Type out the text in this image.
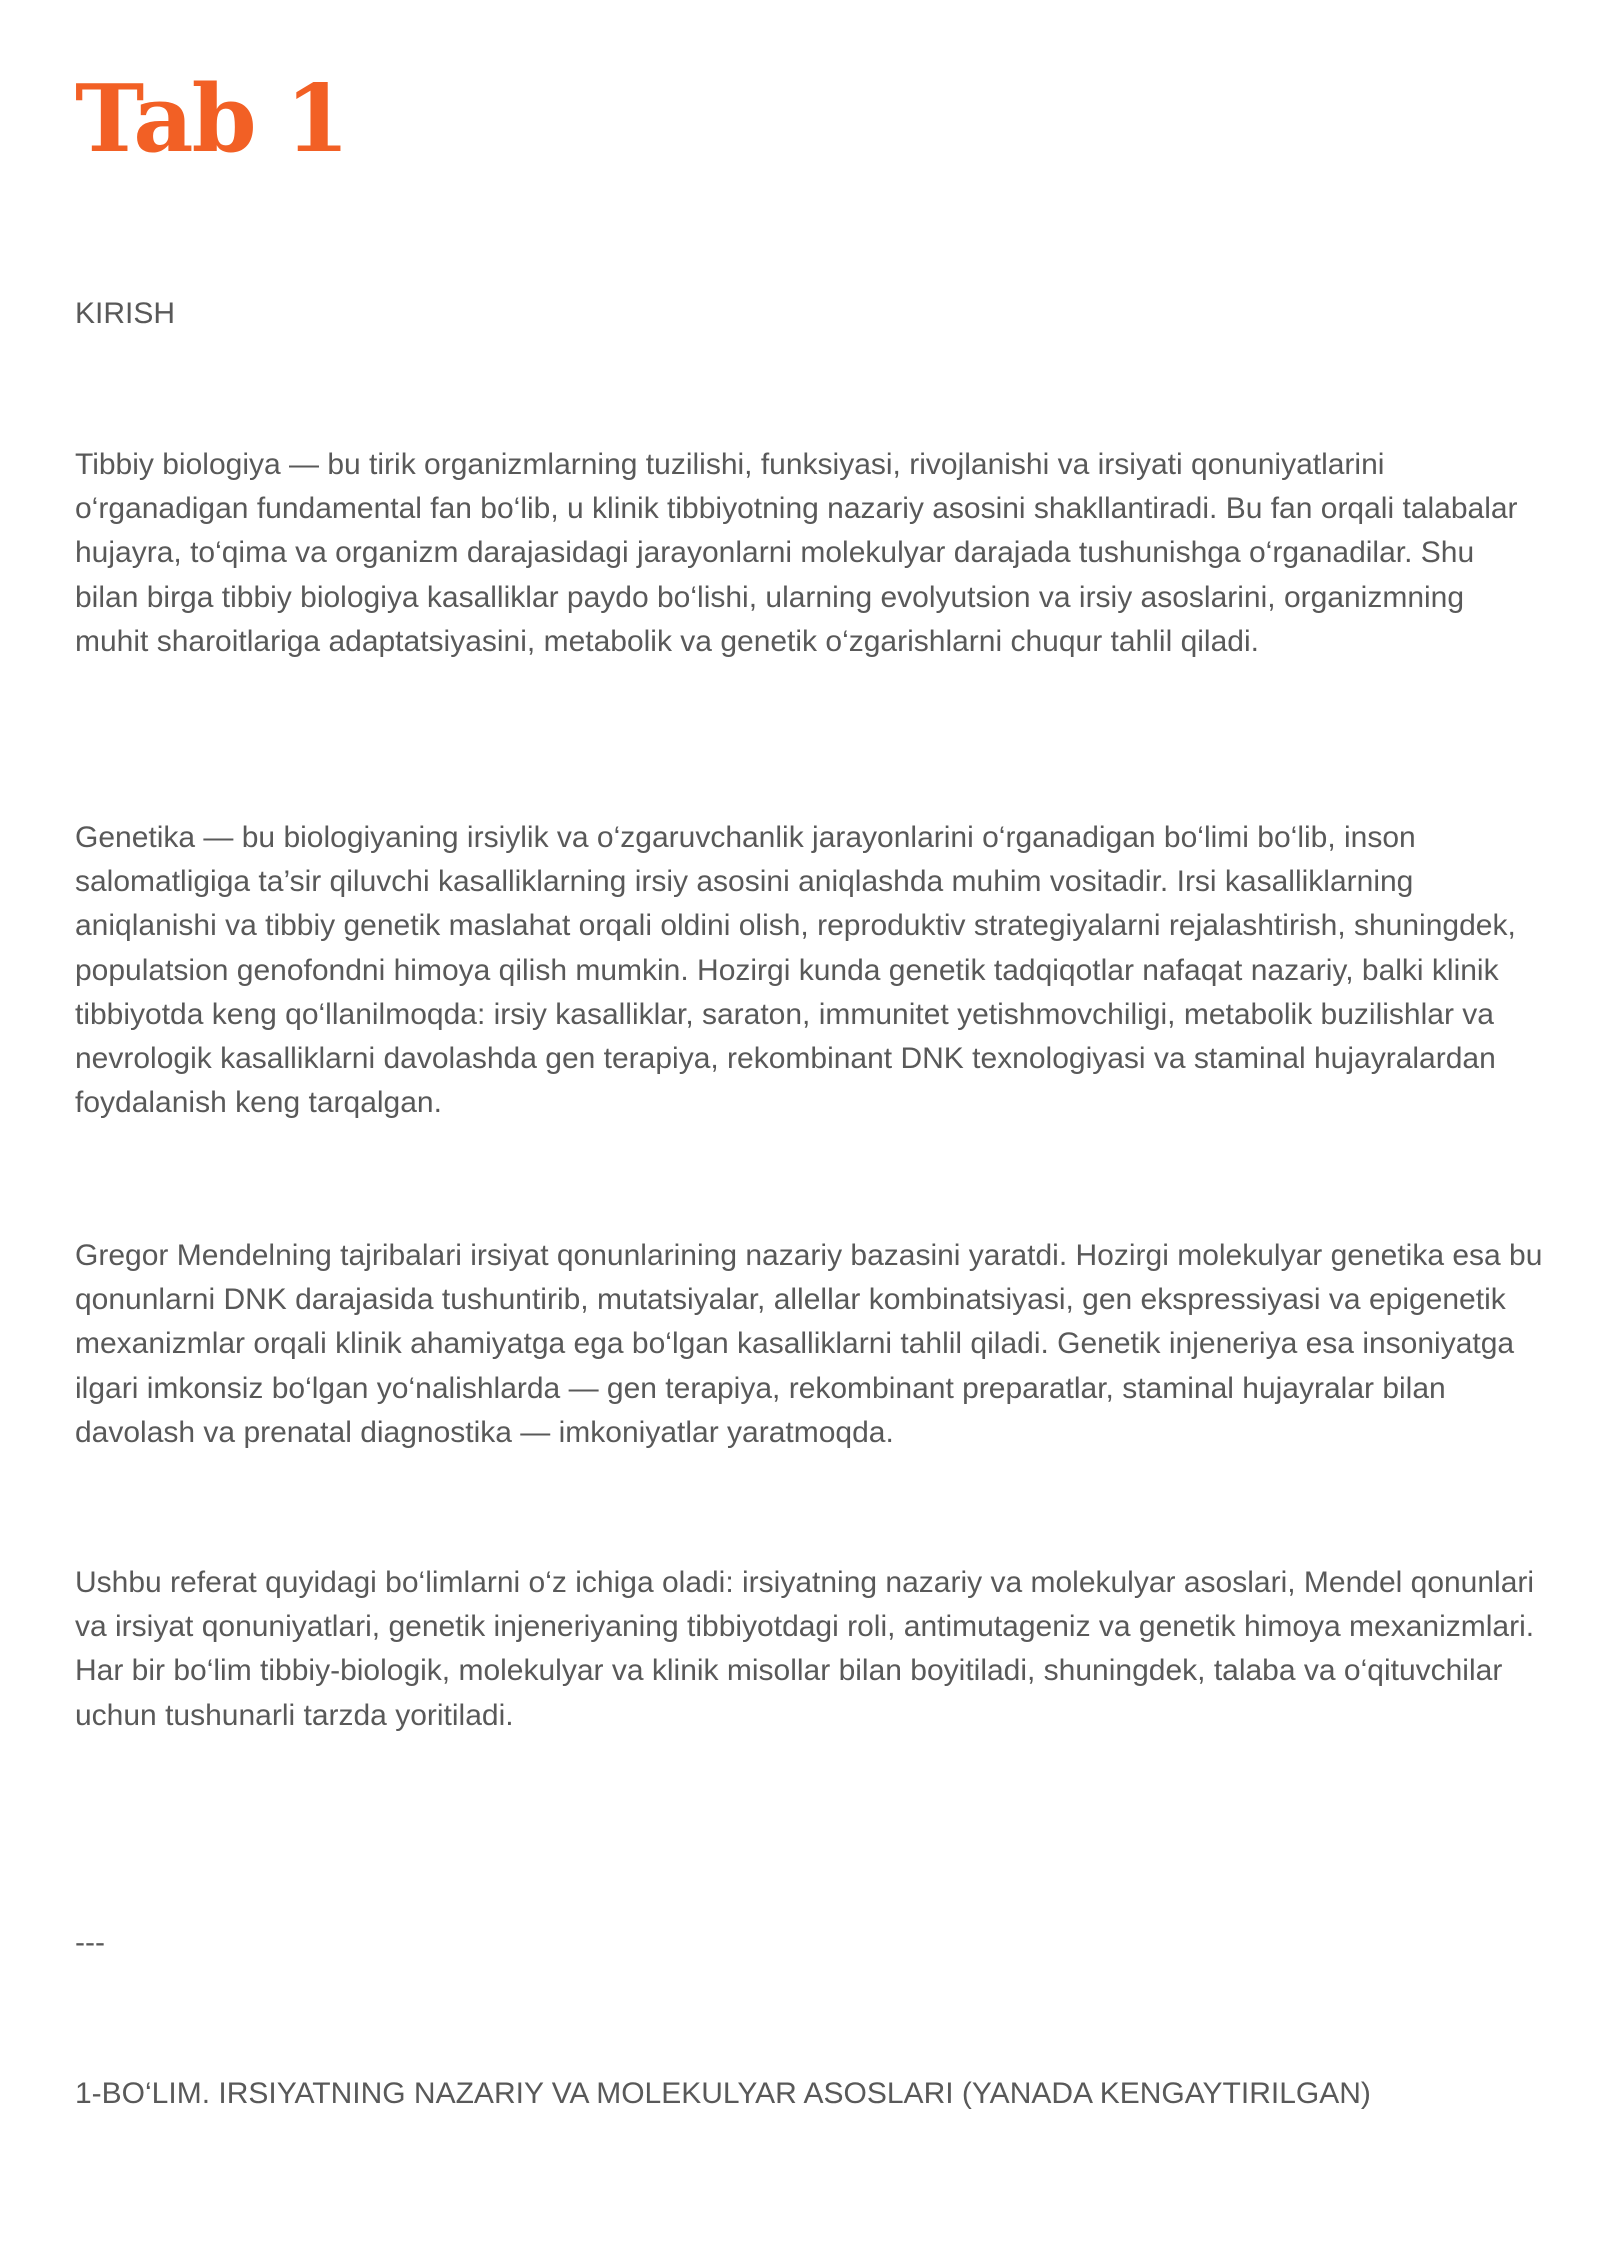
Tab 1

KIRISH

Tibbiy biologiya — bu tirik organizmlarning tuzilishi, funksiyasi, rivojlanishi va irsiyati qonuniyatlarini o‘rganadigan fundamental fan bo‘lib, u klinik tibbiyotning nazariy asosini shakllantiradi. Bu fan orqali talabalar hujayra, to‘qima va organizm darajasidagi jarayonlarni molekulyar darajada tushunishga o‘rganadilar. Shu bilan birga tibbiy biologiya kasalliklar paydo bo‘lishi, ularning evolyutsion va irsiy asoslarini, organizmning muhit sharoitlariga adaptatsiyasini, metabolik va genetik o‘zgarishlarni chuqur tahlil qiladi.

Genetika — bu biologiyaning irsiylik va o‘zgaruvchanlik jarayonlarini o‘rganadigan bo‘limi bo‘lib, inson salomatligiga ta’sir qiluvchi kasalliklarning irsiy asosini aniqlashda muhim vositadir. Irsi kasalliklarning aniqlanishi va tibbiy genetik maslahat orqali oldini olish, reproduktiv strategiyalarni rejalashtirish, shuningdek, populatsion genofondni himoya qilish mumkin. Hozirgi kunda genetik tadqiqotlar nafaqat nazariy, balki klinik tibbiyotda keng qo‘llanilmoqda: irsiy kasalliklar, saraton, immunitet yetishmovchiligi, metabolik buzilishlar va nevrologik kasalliklarni davolashda gen terapiya, rekombinant DNK texnologiyasi va staminal hujayralardan foydalanish keng tarqalgan.

Gregor Mendelning tajribalari irsiyat qonunlarining nazariy bazasini yaratdi. Hozirgi molekulyar genetika esa bu qonunlarni DNK darajasida tushuntirib, mutatsiyalar, allellar kombinatsiyasi, gen ekspressiyasi va epigenetik mexanizmlar orqali klinik ahamiyatga ega bo‘lgan kasalliklarni tahlil qiladi. Genetik injeneriya esa insoniyatga ilgari imkonsiz bo‘lgan yo‘nalishlarda — gen terapiya, rekombinant preparatlar, staminal hujayralar bilan davolash va prenatal diagnostika — imkoniyatlar yaratmoqda.

Ushbu referat quyidagi bo‘limlarni o‘z ichiga oladi: irsiyatning nazariy va molekulyar asoslari, Mendel qonunlari va irsiyat qonuniyatlari, genetik injeneriyaning tibbiyotdagi roli, antimutageniz va genetik himoya mexanizmlari. Har bir bo‘lim tibbiy-biologik, molekulyar va klinik misollar bilan boyitiladi, shuningdek, talaba va o‘qituvchilar uchun tushunarli tarzda yoritiladi.

---

1-BO‘LIM. IRSIYATNING NAZARIY VA MOLEKULYAR ASOSLARI (YANADA KENGAYTIRILGAN)
